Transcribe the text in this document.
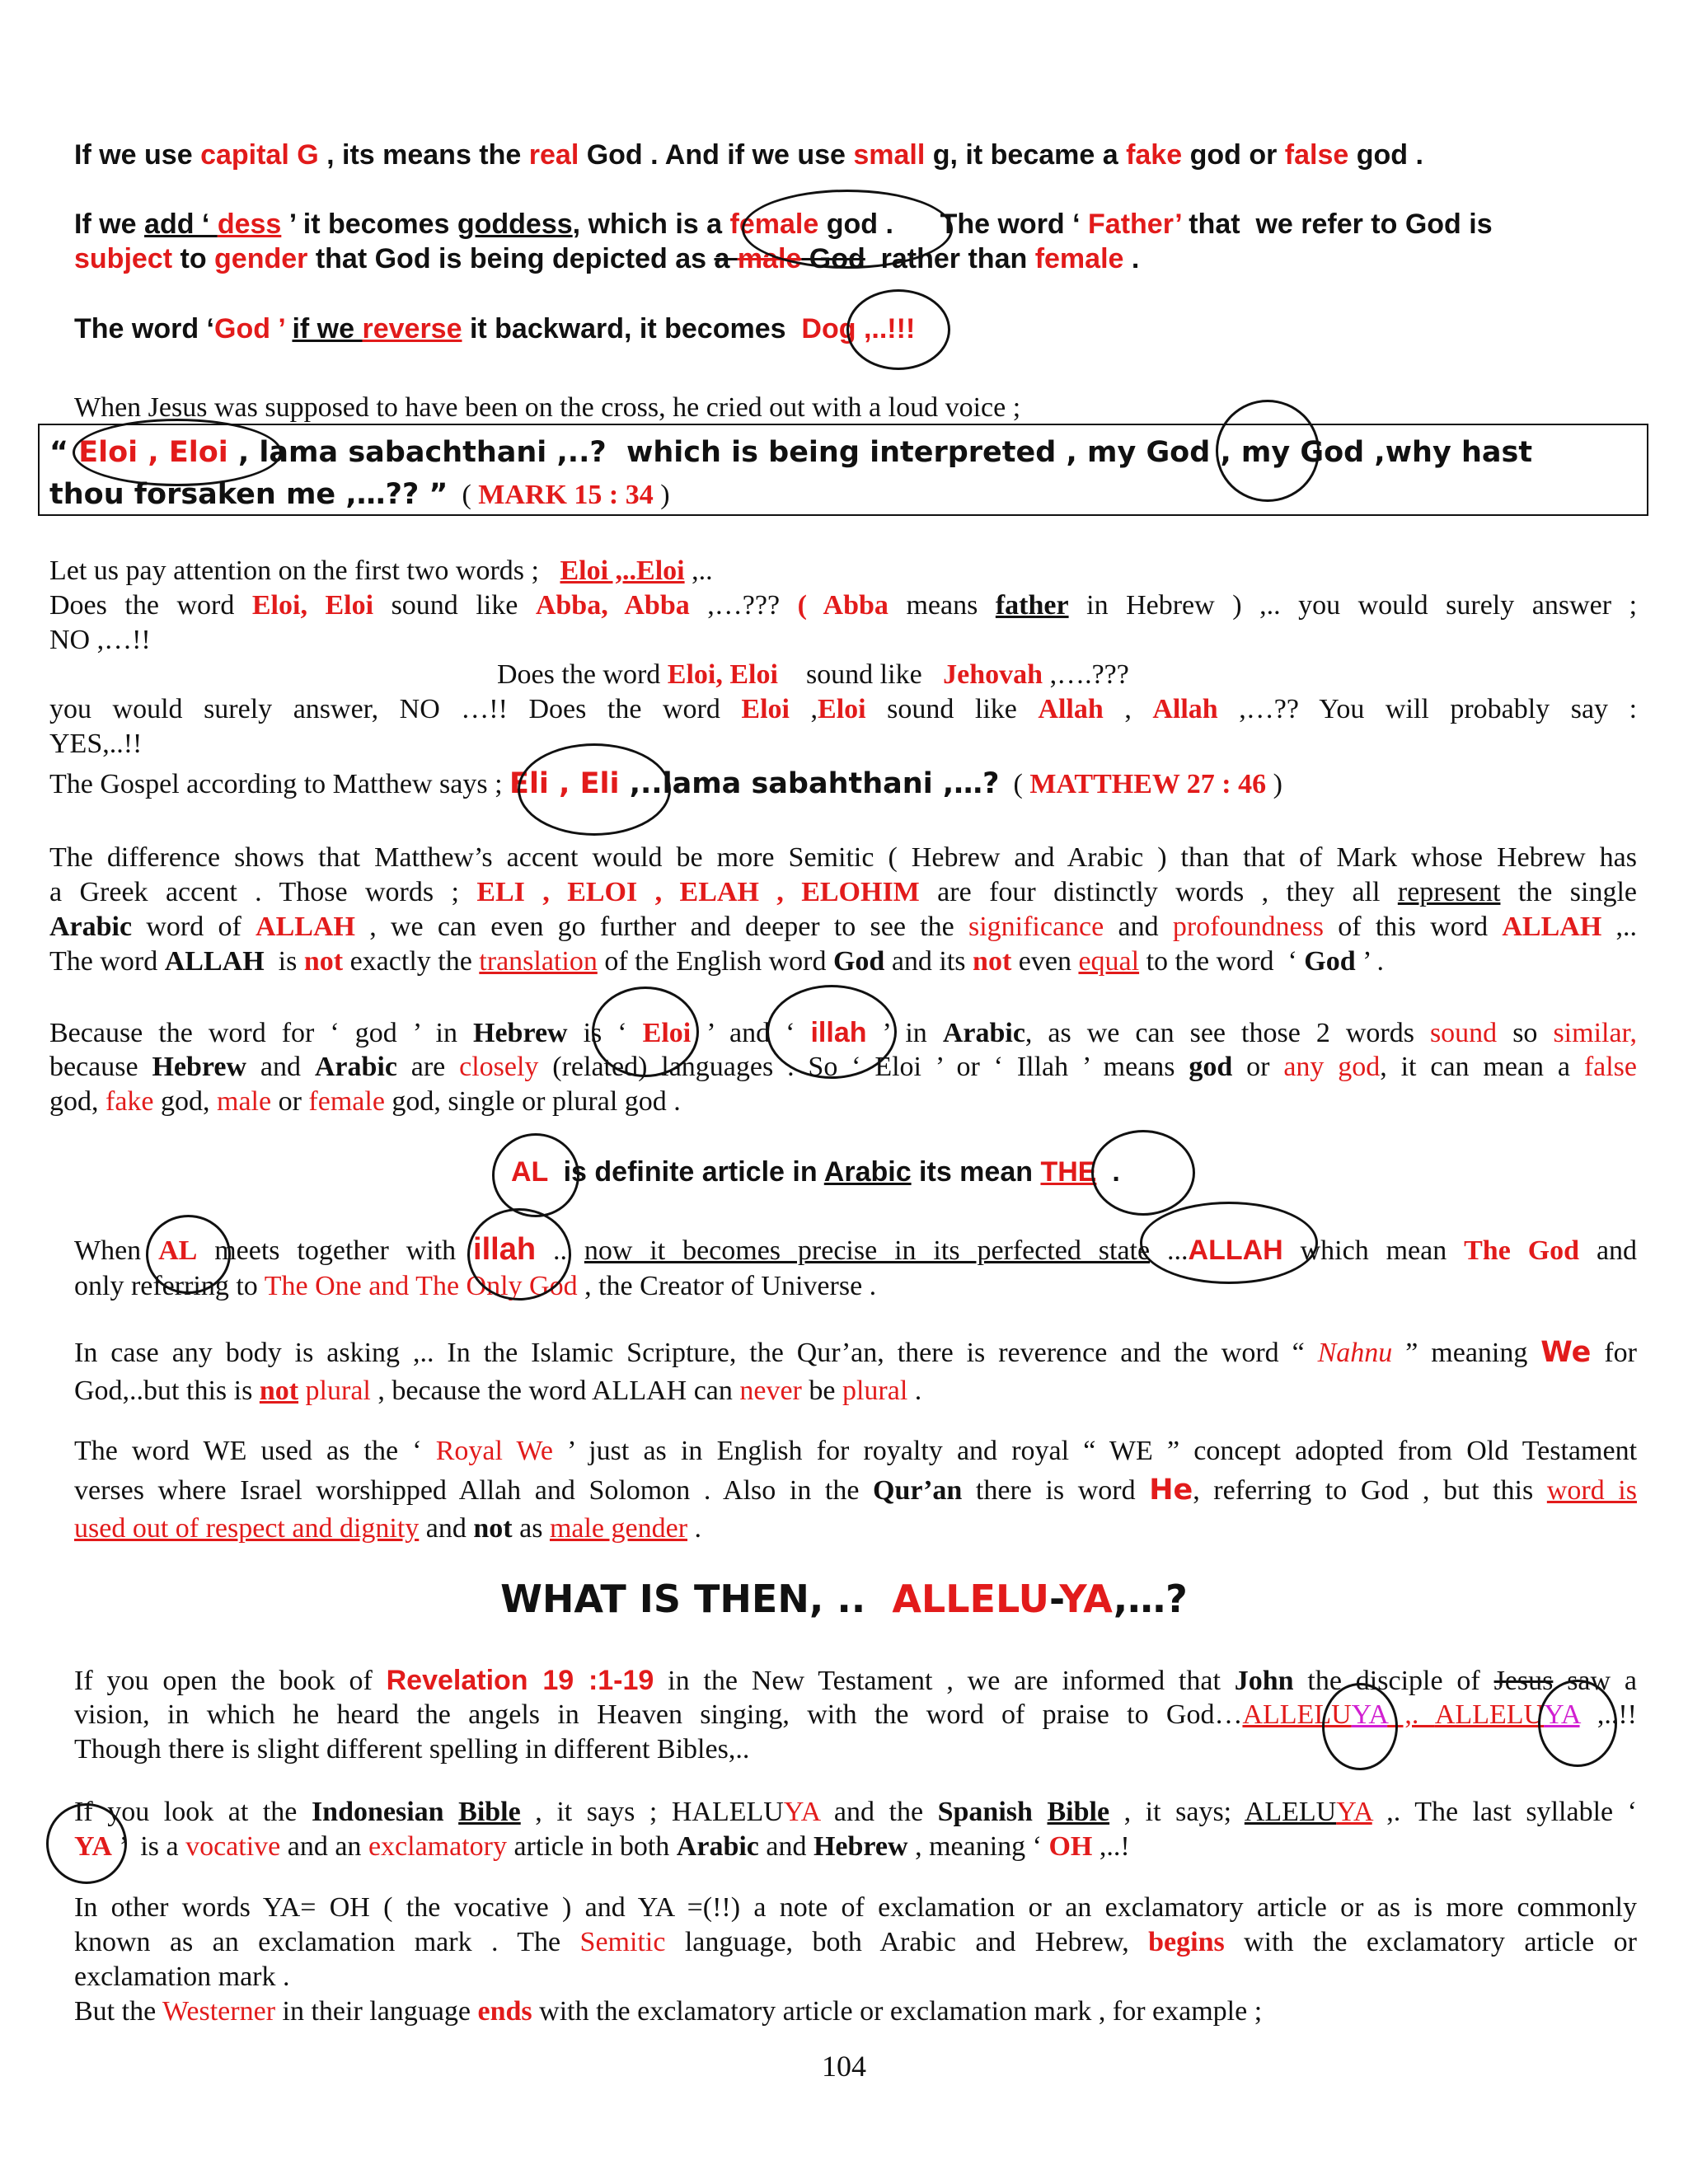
If we use capital G , its means the real God . And if we use small g, it became a fake god or false god .
If we add ‘ dess ’ it becomes goddess, which is a female god .      The word ‘ Father’ that  we refer to God is
subject to gender that God is being depicted as a male God  rather than female .
The word ‘God ’ if we reverse it backward, it becomes  Dog ,..!!!
When Jesus was supposed to have been on the cross, he cried out with a loud voice ;
“ Eloi , Eloi , lama sabachthani ,..?  which is being interpreted , my God , my God ,why hast
thou forsaken me ,…?? ”  ( MARK 15 : 34 )
Let us pay attention on the first two words ;   Eloi ,..Eloi ,..
Does the word Eloi, Eloi sound like Abba, Abba ,…??? ( Abba means father in Hebrew ) ,.. you would surely answer ;
NO ,…!!
Does the word Eloi, Eloi    sound like   Jehovah ,….???
you would surely answer, NO …!! Does the word Eloi ,Eloi sound like Allah , Allah ,…?? You will probably say :
YES,..!!
The Gospel according to Matthew says ; Eli , Eli ,..lama sabahthani ,…?  ( MATTHEW 27 : 46 )
The difference shows that Matthew’s accent would be more Semitic ( Hebrew and Arabic ) than that of Mark whose Hebrew has
a Greek accent . Those words ; ELI , ELOI , ELAH , ELOHIM are four distinctly words , they all represent the single
Arabic word of ALLAH , we can even go further and deeper to see the significance and profoundness of this word ALLAH ,..
The word ALLAH  is not exactly the translation of the English word God and its not even equal to the word  ‘ God ’ .
Because the word for ‘ god ’ in Hebrew is ‘ Eloi ’ and ‘ illah ’ in Arabic, as we can see those 2 words sound so similar,
because Hebrew and Arabic are closely (related) languages . So ‘ Eloi ’ or ‘ Illah ’ means god or any god, it can mean a false
god, fake god, male or female god, single or plural god .
AL  is definite article in Arabic its mean THE  .
When AL meets together with illah .. now it becomes precise in its perfected state ...ALLAH which mean The God and
only referring to The One and The Only God , the Creator of Universe .
In case any body is asking ,.. In the Islamic Scripture, the Qur’an, there is reverence and the word “ Nahnu ” meaning We for
God,..but this is not plural , because the word ALLAH can never be plural .
The word WE used as the ‘ Royal We ’ just as in English for royalty and royal “ WE ” concept adopted from Old Testament
verses where Israel worshipped Allah and Solomon . Also in the Qur’an there is word He, referring to God , but this word is
used out of respect and dignity and not as male gender .
WHAT IS THEN, ..  ALLELU-YA,…?
If you open the book of Revelation 19 :1-19 in the New Testament , we are informed that John the disciple of Jesus saw a
vision, in which he heard the angels in Heaven singing, with the word of praise to God…ALLELUYA ,. ALLELUYA ,..!!
Though there is slight different spelling in different Bibles,..
If you look at the Indonesian Bible , it says ; HALELUYA and the Spanish Bible , it says; ALELUYA ,. The last syllable ‘
YA ’  is a vocative and an exclamatory article in both Arabic and Hebrew , meaning ‘ OH ,..!
In other words YA= OH ( the vocative ) and YA =(!!) a note of exclamation or an exclamatory article or as is more commonly
known as an exclamation mark . The Semitic language, both Arabic and Hebrew, begins with the exclamatory article or
exclamation mark .
But the Westerner in their language ends with the exclamatory article or exclamation mark , for example ;
104
